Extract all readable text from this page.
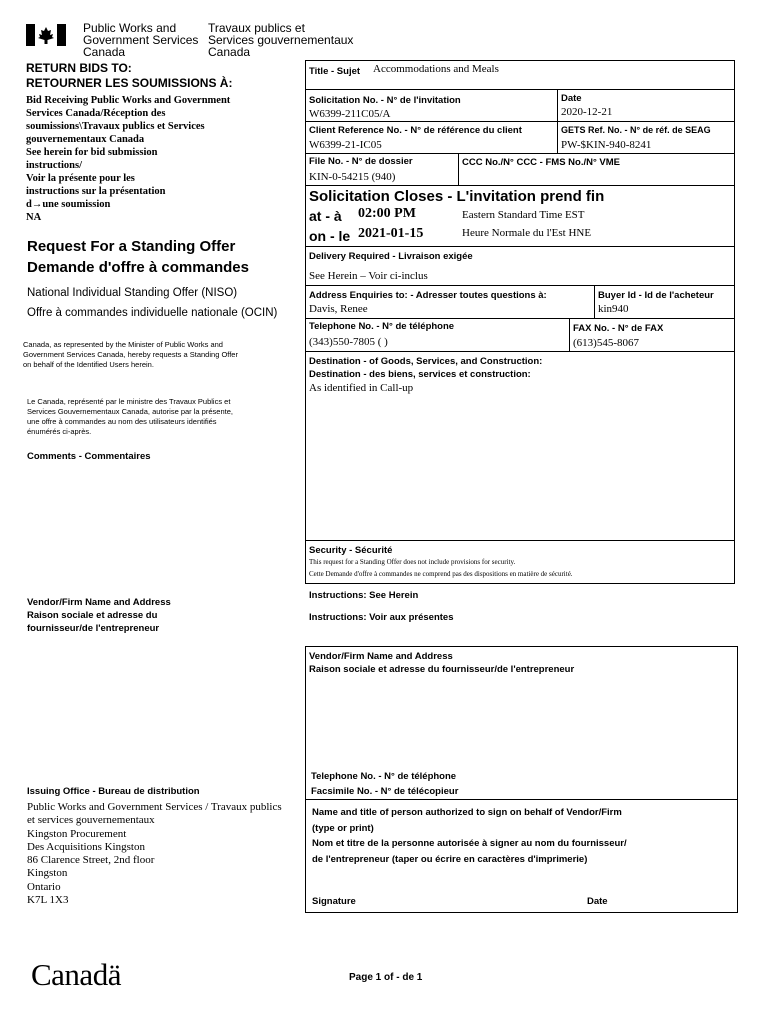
Public Works and
Government Services
Canada
Travaux publics et
Services gouvernementaux
Canada
RETURN BIDS TO:
RETOURNER LES SOUMISSIONS À:
Bid Receiving Public Works and Government
Services Canada/Réception des
soumissions\Travaux publics et Services
gouvernementaux Canada
See herein for bid submission
instructions/
Voir la présente pour les
instructions sur la présentation
d→une soumission
NA
Request For a Standing Offer
Demande d'offre à commandes
National Individual Standing Offer (NISO)
Offre à commandes individuelle nationale (OCIN)
Canada, as represented by the Minister of Public Works and
Government Services Canada, hereby requests a Standing Offer
on behalf of the Identified Users herein.
Le Canada, représenté par le ministre des Travaux Publics et
Services Gouvernementaux Canada, autorise par la présente,
une offre à commandes au nom des utilisateurs identifiés
énumérés ci-après.
Comments - Commentaires
Vendor/Firm Name and Address
Raison sociale et adresse du
fournisseur/de l'entrepreneur
Issuing Office - Bureau de distribution
Public Works and Government Services / Travaux publics
et services gouvernementaux
Kingston Procurement
Des Acquisitions Kingston
86 Clarence Street, 2nd floor
Kingston
Ontario
K7L 1X3
Title - Sujet Accommodations and Meals
Solicitation No. - N° de l'invitation
W6399-211C05/A
Date
2020-12-21
Client Reference No. - N° de référence du client
W6399-21-IC05
GETS Ref. No. - N° de réf. de SEAG
PW-$KIN-940-8241
File No. - N° de dossier
KIN-0-54215 (940)
CCC No./N° CCC - FMS No./N° VME
Solicitation Closes - L'invitation prend fin
at - à 02:00 PM
on - le 2021-01-15
Eastern Standard Time EST
Heure Normale du l'Est HNE
Delivery Required - Livraison exigée
See Herein – Voir ci-inclus
Address Enquiries to: - Adresser toutes questions à:
Davis, Renee
Buyer Id - Id de l'acheteur
kin940
Telephone No. - N° de téléphone
(343)550-7805 ( )
FAX No. - N° de FAX
(613)545-8067
Destination - of Goods, Services, and Construction:
Destination - des biens, services et construction:
As identified in Call-up
Security - Sécurité
This request for a Standing Offer does not include provisions for security.
Cette Demande d'offre à commandes ne comprend pas des dispositions en matière de sécurité.
Instructions: See Herein
Instructions: Voir aux présentes
Vendor/Firm Name and Address
Raison sociale et adresse du fournisseur/de l'entrepreneur
Telephone No. - N° de téléphone
Facsimile No. - N° de télécopieur
Name and title of person authorized to sign on behalf of Vendor/Firm
(type or print)
Nom et titre de la personne autorisée à signer au nom du fournisseur/
de l'entrepreneur (taper ou écrire en caractères d'imprimerie)
Signature	Date
Canadä	Page 1 of - de 1
